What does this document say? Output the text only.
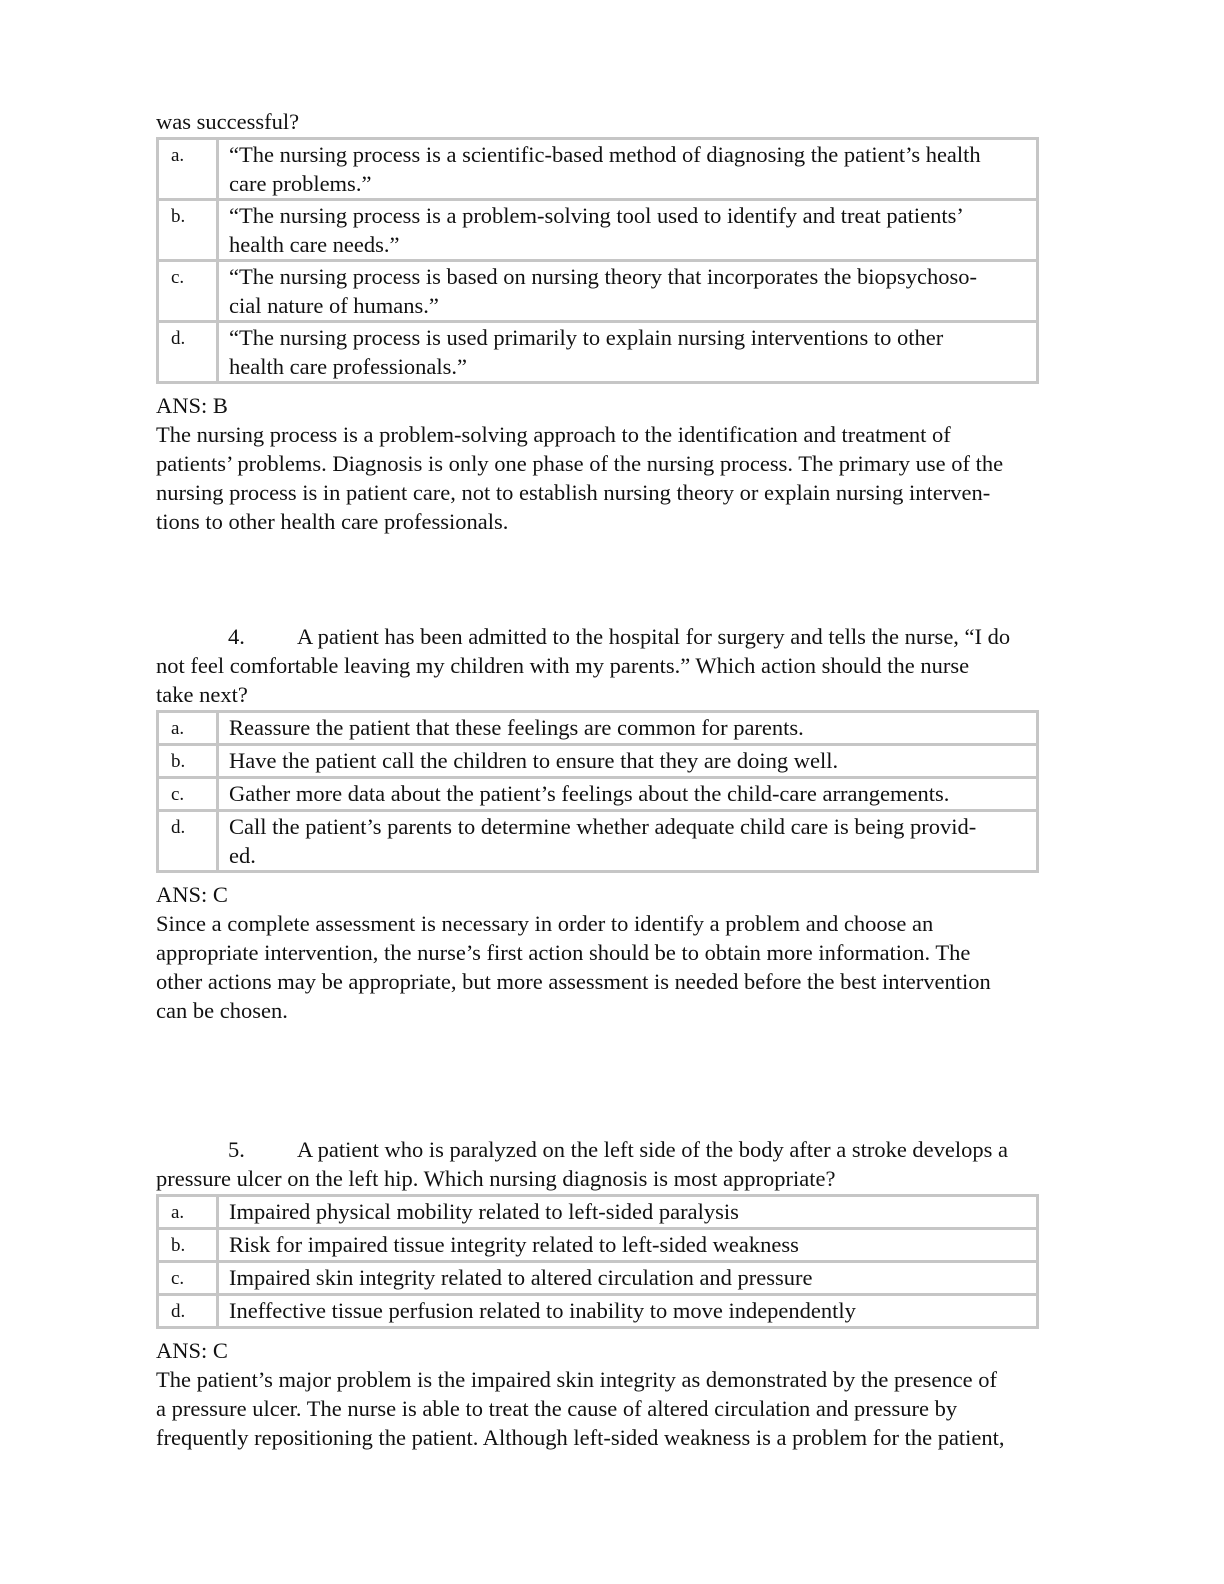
was successful?

a.	“The nursing process is a scientific-based method of diagnosing the patient’s health
care problems.”

b.	“The nursing process is a problem-solving tool used to identify and treat patients’
health care needs.”

c.	“The nursing process is based on nursing theory that incorporates the biopsychoso-
cial nature of humans.”

d.	“The nursing process is used primarily to explain nursing interventions to other
health care professionals.”

ANS: B

The nursing process is a problem-solving approach to the identification and treatment of

patients’ problems. Diagnosis is only one phase of the nursing process. The primary use of the

nursing process is in patient care, not to establish nursing theory or explain nursing interven-

tions to other health care professionals.

4. A patient has been admitted to the hospital for surgery and tells the nurse, “I do

not feel comfortable leaving my children with my parents.” Which action should the nurse

take next?

a.	Reassure the patient that these feelings are common for parents.

b.	Have the patient call the children to ensure that they are doing well.

c.	Gather more data about the patient’s feelings about the child-care arrangements.

d.	Call the patient’s parents to determine whether adequate child care is being provid-
ed.

ANS: C

Since a complete assessment is necessary in order to identify a problem and choose an

appropriate intervention, the nurse’s first action should be to obtain more information. The

other actions may be appropriate, but more assessment is needed before the best intervention

can be chosen.

5. A patient who is paralyzed on the left side of the body after a stroke develops a

pressure ulcer on the left hip. Which nursing diagnosis is most appropriate?

a.	Impaired physical mobility related to left-sided paralysis

b.	Risk for impaired tissue integrity related to left-sided weakness

c.	Impaired skin integrity related to altered circulation and pressure

d.	Ineffective tissue perfusion related to inability to move independently

ANS: C

The patient’s major problem is the impaired skin integrity as demonstrated by the presence of

a pressure ulcer. The nurse is able to treat the cause of altered circulation and pressure by

frequently repositioning the patient. Although left-sided weakness is a problem for the patient,
